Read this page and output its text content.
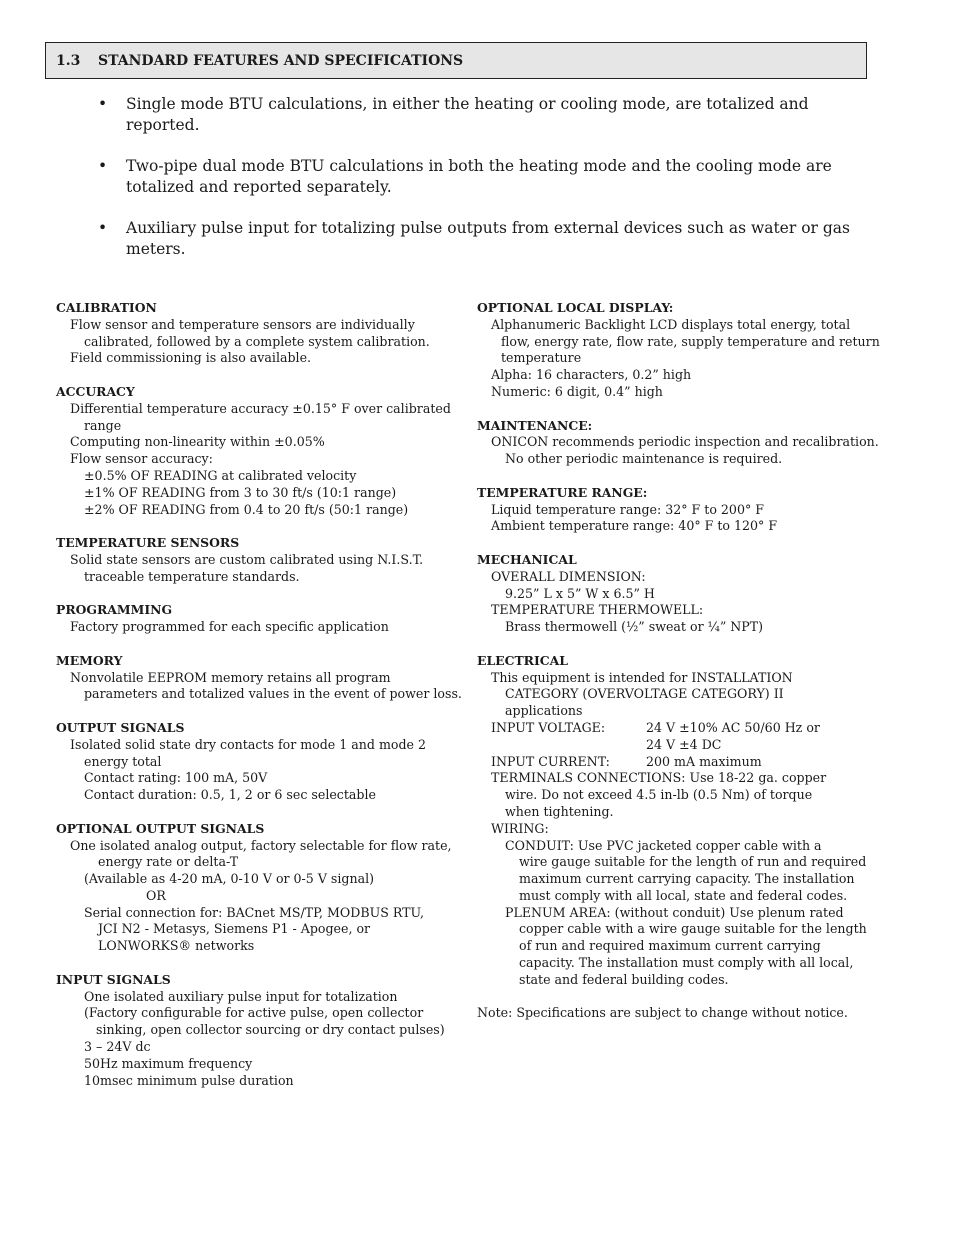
1.3 STANDARD FEATURES AND SPECIFICATIONS
• Single mode BTU calculations, in either the heating or cooling mode, are totalized and
reported.
• Two-pipe dual mode BTU calculations in both the heating mode and the cooling mode are
totalized and reported separately.
• Auxiliary pulse input for totalizing pulse outputs from external devices such as water or gas
meters.
CALIBRATION
Flow sensor and temperature sensors are individually
calibrated, followed by a complete system calibration.
Field commissioning is also available.
ACCURACY
Differential temperature accuracy ±0.15° F over calibrated
range
Computing non-linearity within ±0.05%
Flow sensor accuracy:
±0.5% OF READING at calibrated velocity
±1% OF READING from 3 to 30 ft/s (10:1 range)
±2% OF READING from 0.4 to 20 ft/s (50:1 range)
TEMPERATURE SENSORS
Solid state sensors are custom calibrated using N.I.S.T.
traceable temperature standards.
PROGRAMMING
Factory programmed for each specific application
MEMORY
Nonvolatile EEPROM memory retains all program
parameters and totalized values in the event of power loss.
OUTPUT SIGNALS
Isolated solid state dry contacts for mode 1 and mode 2
energy total
Contact rating: 100 mA, 50V
Contact duration: 0.5, 1, 2 or 6 sec selectable
OPTIONAL OUTPUT SIGNALS
One isolated analog output, factory selectable for flow rate,
energy rate or delta-T
(Available as 4-20 mA, 0-10 V or 0-5 V signal)
OR
Serial connection for: BACnet MS/TP, MODBUS RTU,
JCI N2 - Metasys, Siemens P1 - Apogee, or
LONWORKS® networks
INPUT SIGNALS
One isolated auxiliary pulse input for totalization
(Factory configurable for active pulse, open collector
sinking, open collector sourcing or dry contact pulses)
3 – 24V dc
50Hz maximum frequency
10msec minimum pulse duration
OPTIONAL LOCAL DISPLAY:
Alphanumeric Backlight LCD displays total energy, total
flow, energy rate, flow rate, supply temperature and return
temperature
Alpha: 16 characters, 0.2” high
Numeric: 6 digit, 0.4” high
MAINTENANCE:
ONICON recommends periodic inspection and recalibration.
No other periodic maintenance is required.
TEMPERATURE RANGE:
Liquid temperature range: 32° F to 200° F
Ambient temperature range: 40° F to 120° F
MECHANICAL
OVERALL DIMENSION:
9.25” L x 5” W x 6.5” H
TEMPERATURE THERMOWELL:
Brass thermowell (½” sweat or ¼” NPT)
ELECTRICAL
This equipment is intended for INSTALLATION
CATEGORY (OVERVOLTAGE CATEGORY) II
applications
INPUT VOLTAGE:	24 V ±10% AC 50/60 Hz or
24 V ±4 DC
INPUT CURRENT:	200 mA maximum
TERMINALS CONNECTIONS: Use 18-22 ga. copper
wire. Do not exceed 4.5 in-lb (0.5 Nm) of torque
when tightening.
WIRING:
CONDUIT: Use PVC jacketed copper cable with a
wire gauge suitable for the length of run and required
maximum current carrying capacity. The installation
must comply with all local, state and federal codes.
PLENUM AREA: (without conduit) Use plenum rated
copper cable with a wire gauge suitable for the length
of run and required maximum current carrying
capacity. The installation must comply with all local,
state and federal building codes.
Note: Specifications are subject to change without notice.
